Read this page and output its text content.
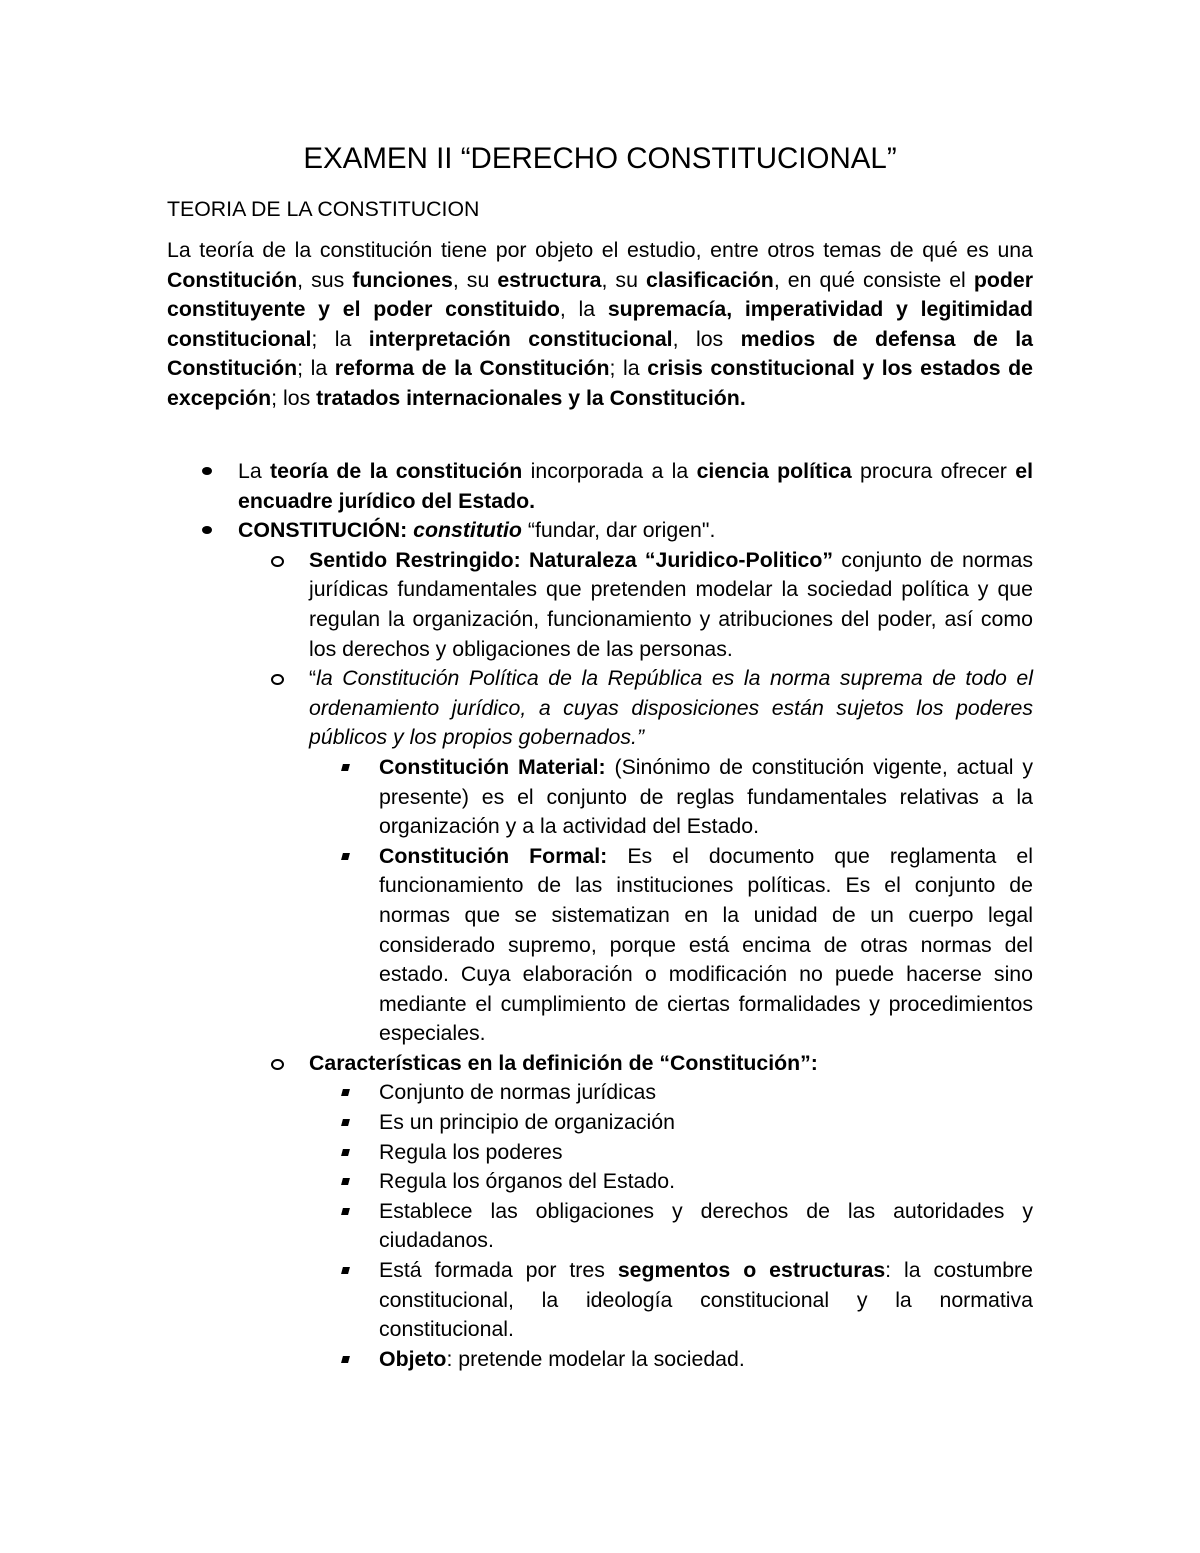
EXAMEN II “DERECHO CONSTITUCIONAL”
TEORIA DE LA CONSTITUCION
La teoría de la constitución tiene por objeto el estudio, entre otros temas de qué es una Constitución, sus funciones, su estructura, su clasificación, en qué consiste el poder constituyente y el poder constituido, la supremacía, imperatividad y legitimidad constitucional; la interpretación constitucional, los medios de defensa de la Constitución; la reforma de la Constitución; la crisis constitucional y los estados de excepción; los tratados internacionales y la Constitución.
La teoría de la constitución incorporada a la ciencia política procura ofrecer el encuadre jurídico del Estado.
CONSTITUCIÓN: constitutio “fundar, dar origen".
Sentido Restringido: Naturaleza “Juridico-Politico” conjunto de normas jurídicas fundamentales que pretenden modelar la sociedad política y que regulan la organización, funcionamiento y atribuciones del poder, así como los derechos y obligaciones de las personas.
“la Constitución Política de la República es la norma suprema de todo el ordenamiento jurídico, a cuyas disposiciones están sujetos los poderes públicos y los propios gobernados.”
Constitución Material: (Sinónimo de constitución vigente, actual y presente) es el conjunto de reglas fundamentales relativas a la organización y a la actividad del Estado.
Constitución Formal: Es el documento que reglamenta el funcionamiento de las instituciones políticas. Es el conjunto de normas que se sistematizan en la unidad de un cuerpo legal considerado supremo, porque está encima de otras normas del estado. Cuya elaboración o modificación no puede hacerse sino mediante el cumplimiento de ciertas formalidades y procedimientos especiales.
Características en la definición de “Constitución”:
Conjunto de normas jurídicas
Es un principio de organización
Regula los poderes
Regula los órganos del Estado.
Establece las obligaciones y derechos de las autoridades y ciudadanos.
Está formada por tres segmentos o estructuras: la costumbre constitucional, la ideología constitucional y la normativa constitucional.
Objeto: pretende modelar la sociedad.
